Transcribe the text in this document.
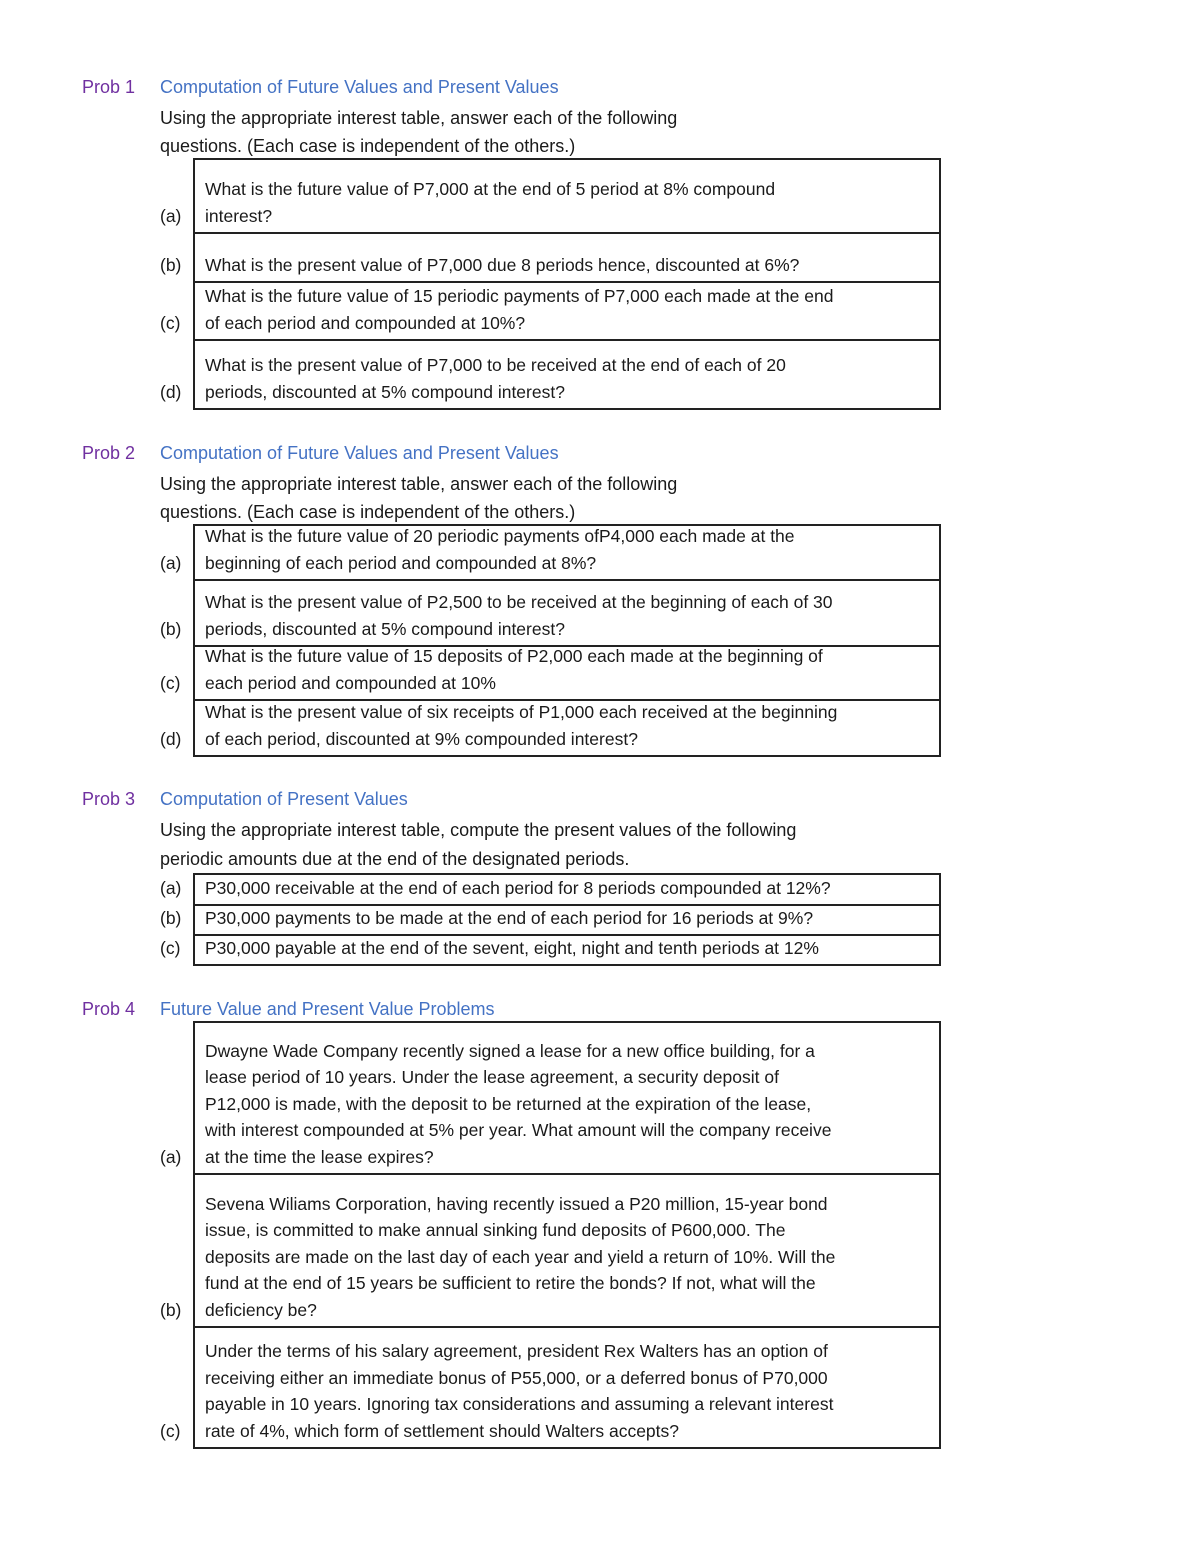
Prob 1 Computation of Future Values and Present Values
Using the appropriate interest table, answer each of the following
questions. (Each case is independent of the others.)
(a)
What is the future value of P7,000 at the end of 5 period at 8% compound
interest?
(b) What is the present value of P7,000 due 8 periods hence, discounted at 6%?
(c)
What is the future value of 15 periodic payments of P7,000 each made at the end
of each period and compounded at 10%?
(d)
What is the present value of P7,000 to be received at the end of each of 20
periods, discounted at 5% compound interest?
Prob 2 Computation of Future Values and Present Values
Using the appropriate interest table, answer each of the following
questions. (Each case is independent of the others.)
(a)
What is the future value of 20 periodic payments ofP4,000 each made at the
beginning of each period and compounded at 8%?
(b)
What is the present value of P2,500 to be received at the beginning of each of 30
periods, discounted at 5% compound interest?
(c)
What is the future value of 15 deposits of P2,000 each made at the beginning of
each period and compounded at 10%
(d)
What is the present value of six receipts of P1,000 each received at the beginning
of each period, discounted at 9% compounded interest?
Prob 3 Computation of Present Values
Using the appropriate interest table, compute the present values of the following
periodic amounts due at the end of the designated periods.
(a) P30,000 receivable at the end of each period for 8 periods compounded at 12%?
(b) P30,000 payments to be made at the end of each period for 16 periods at 9%?
(c) P30,000 payable at the end of the sevent, eight, night and tenth periods at 12%
Prob 4 Future Value and Present Value Problems
(a)
Dwayne Wade Company recently signed a lease for a new office building, for a
lease period of 10 years. Under the lease agreement, a security deposit of
P12,000 is made, with the deposit to be returned at the expiration of the lease,
with interest compounded at 5% per year. What amount will the company receive
at the time the lease expires?
(b)
Sevena Wiliams Corporation, having recently issued a P20 million, 15-year bond
issue, is committed to make annual sinking fund deposits of P600,000. The
deposits are made on the last day of each year and yield a return of 10%. Will the
fund at the end of 15 years be sufficient to retire the bonds? If not, what will the
deficiency be?
(c)
Under the terms of his salary agreement, president Rex Walters has an option of
receiving either an immediate bonus of P55,000, or a deferred bonus of P70,000
payable in 10 years. Ignoring tax considerations and assuming a relevant interest
rate of 4%, which form of settlement should Walters accepts?
